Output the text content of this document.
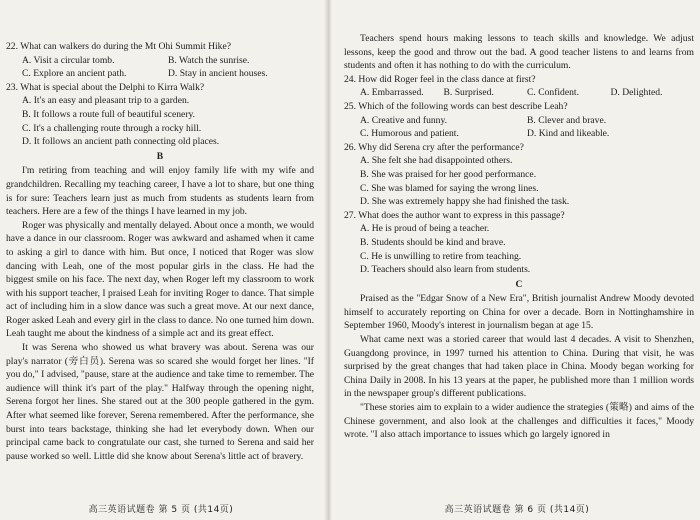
22. What can walkers do during the Mt Ohi Summit Hike?
A. Visit a circular tomb.	B. Watch the sunrise.
C. Explore an ancient path.	D. Stay in ancient houses.
23. What is special about the Delphi to Kirra Walk?
A. It's an easy and pleasant trip to a garden.
B. It follows a route full of beautiful scenery.
C. It's a challenging route through a rocky hill.
D. It follows an ancient path connecting old places.
B

I'm retiring from teaching and will enjoy family life with my wife and grandchildren. Recalling my teaching career, I have a lot to share, but one thing is for sure: Teachers learn just as much from students as students learn from teachers. Here are a few of the things I have learned in my job.

Roger was physically and mentally delayed. About once a month, we would have a dance in our classroom. Roger was awkward and ashamed when it came to asking a girl to dance with him. But once, I noticed that Roger was slow dancing with Leah, one of the most popular girls in the class. He had the biggest smile on his face. The next day, when Roger left my classroom to work with his support teacher, I praised Leah for inviting Roger to dance. That simple act of including him in a slow dance was such a great move. At our next dance, Roger asked Leah and every girl in the class to dance. No one turned him down. Leah taught me about the kindness of a simple act and its great effect.

It was Serena who showed us what bravery was about. Serena was our play's narrator (旁白员). Serena was so scared she would forget her lines. "If you do," I advised, "pause, stare at the audience and take time to remember. The audience will think it's part of the play." Halfway through the opening night, Serena forgot her lines. She stared out at the 300 people gathered in the gym. After what seemed like forever, Serena remembered. After the performance, she burst into tears backstage, thinking she had let everybody down. When our principal came back to congratulate our cast, she turned to Serena and said her pause worked so well. Little did she know about Serena's little act of bravery.

高三英语试题卷 第 5 页 (共14页)

Teachers spend hours making lessons to teach skills and knowledge. We adjust lessons, keep the good and throw out the bad. A good teacher listens to and learns from students and often it has nothing to do with the curriculum.

24. How did Roger feel in the class dance at first?
A. Embarrassed.	B. Surprised.	C. Confident.	D. Delighted.
25. Which of the following words can best describe Leah?
A. Creative and funny.	B. Clever and brave.
C. Humorous and patient.	D. Kind and likeable.
26. Why did Serena cry after the performance?
A. She felt she had disappointed others.
B. She was praised for her good performance.
C. She was blamed for saying the wrong lines.
D. She was extremely happy she had finished the task.
27. What does the author want to express in this passage?
A. He is proud of being a teacher.
B. Students should be kind and brave.
C. He is unwilling to retire from teaching.
D. Teachers should also learn from students.
C

Praised as the "Edgar Snow of a New Era", British journalist Andrew Moody devoted himself to accurately reporting on China for over a decade. Born in Nottinghamshire in September 1960, Moody's interest in journalism began at age 15.

What came next was a storied career that would last 4 decades. A visit to Shenzhen, Guangdong province, in 1997 turned his attention to China. During that visit, he was surprised by the great changes that had taken place in China. Moody began working for China Daily in 2008. In his 13 years at the paper, he published more than 1 million words in the newspaper group's different publications.

"These stories aim to explain to a wider audience the strategies (策略) and aims of the Chinese government, and also look at the challenges and difficulties it faces," Moody wrote. "I also attach importance to issues which go largely ignored in

高三英语试题卷 第 6 页 (共14页)
